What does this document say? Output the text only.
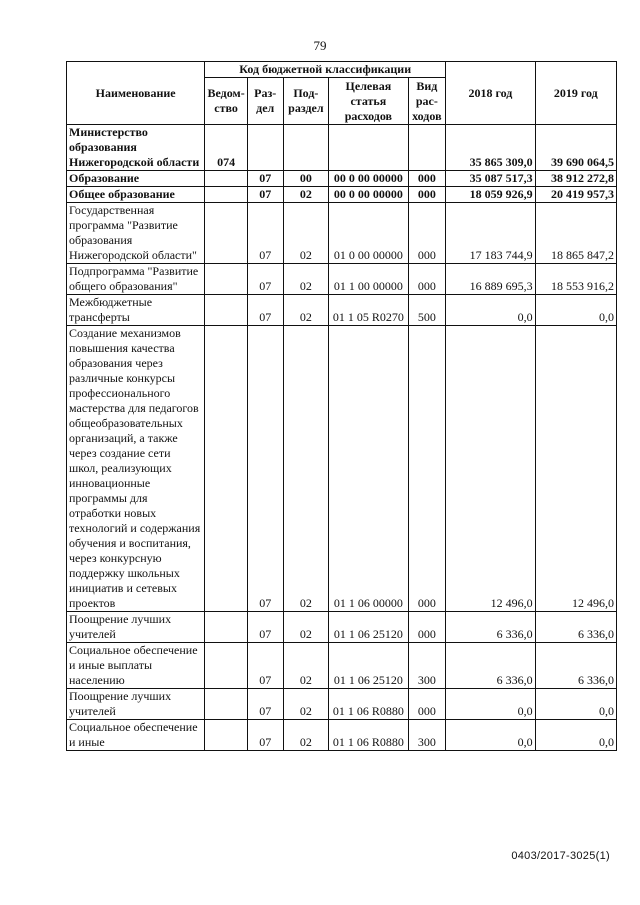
79
Наименование	Код бюджетной классификации					2018 год	2019 год
	Ведом-ство	Раз-дел	Под-раздел	Целевая статья расходов	Вид рас-ходов		
Министерство образования Нижегородской области	074					35 865 309,0	39 690 064,5
Образование		07	00	00 0 00 00000	000	35 087 517,3	38 912 272,8
Общее образование		07	02	00 0 00 00000	000	18 059 926,9	20 419 957,3
Государственная программа "Развитие образования Нижегородской области"		07	02	01 0 00 00000	000	17 183 744,9	18 865 847,2
Подпрограмма "Развитие общего образования"		07	02	01 1 00 00000	000	16 889 695,3	18 553 916,2
Межбюджетные трансферты		07	02	01 1 05 R0270	500	0,0	0,0
Создание механизмов повышения качества образования через различные конкурсы профессионального мастерства для педагогов общеобразовательных организаций, а также через создание сети школ, реализующих инновационные программы для отработки новых технологий и содержания обучения и воспитания, через конкурсную поддержку школьных инициатив и сетевых проектов		07	02	01 1 06 00000	000	12 496,0	12 496,0
Поощрение лучших учителей		07	02	01 1 06 25120	000	6 336,0	6 336,0
Социальное обеспечение и иные выплаты населению		07	02	01 1 06 25120	300	6 336,0	6 336,0
Поощрение лучших учителей		07	02	01 1 06 R0880	000	0,0	0,0
Социальное обеспечение и иные		07	02	01 1 06 R0880	300	0,0	0,0
0403/2017-3025(1)
